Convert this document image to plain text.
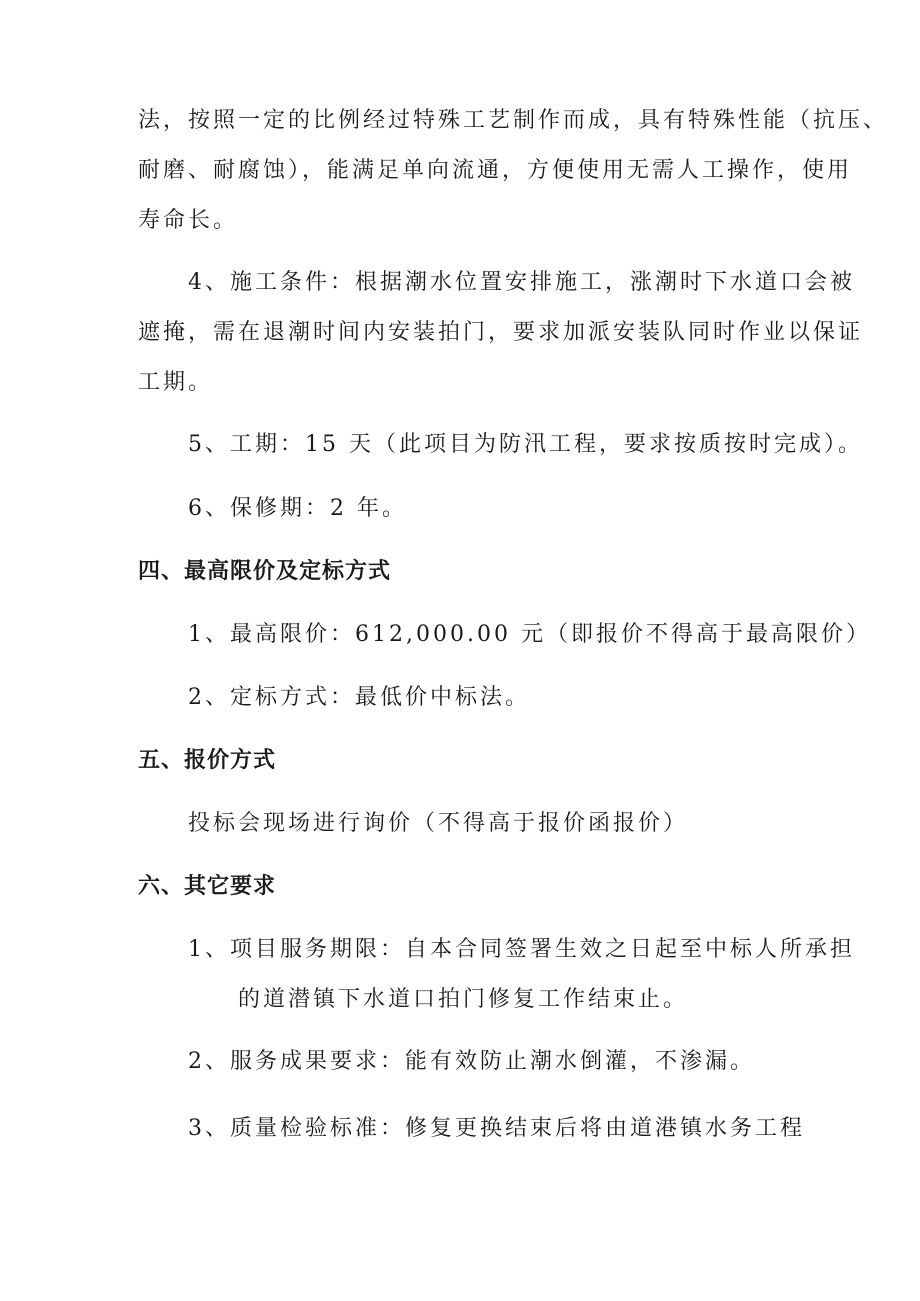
法，按照一定的比例经过特殊工艺制作而成，具有特殊性能（抗压、
耐磨、耐腐蚀），能满足单向流通，方便使用无需人工操作，使用
寿命长。
4、施工条件：根据潮水位置安排施工，涨潮时下水道口会被
遮掩，需在退潮时间内安装拍门，要求加派安装队同时作业以保证
工期。
5、工期：15 天（此项目为防汛工程，要求按质按时完成）。
6、保修期：2 年。
四、最高限价及定标方式
1、最高限价：612,000.00 元（即报价不得高于最高限价）
2、定标方式：最低价中标法。
五、报价方式
投标会现场进行询价（不得高于报价函报价）
六、其它要求
1、项目服务期限：自本合同签署生效之日起至中标人所承担
的道潜镇下水道口拍门修复工作结束止。
2、服务成果要求：能有效防止潮水倒灌，不渗漏。
3、质量检验标准：修复更换结束后将由道港镇水务工程
